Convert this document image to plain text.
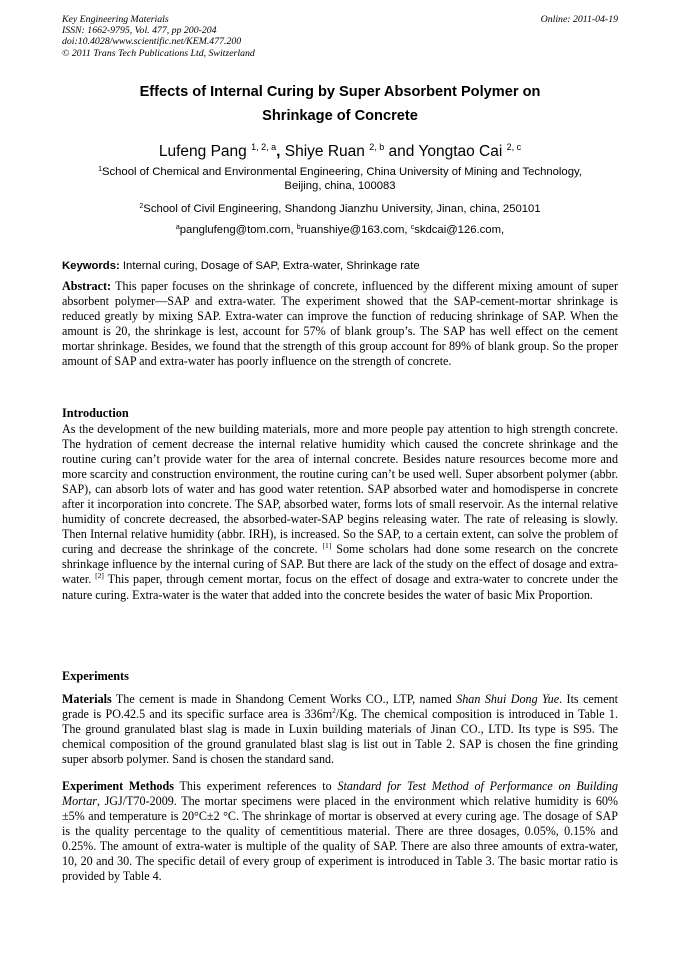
Key Engineering Materials
ISSN: 1662-9795, Vol. 477, pp 200-204
doi:10.4028/www.scientific.net/KEM.477.200
© 2011 Trans Tech Publications Ltd, Switzerland
Online: 2011-04-19
Effects of Internal Curing by Super Absorbent Polymer on
Shrinkage of Concrete
Lufeng Pang $^{1, 2, a}$, Shiye Ruan $^{2, b}$ and Yongtao Cai $^{2, c}$
$^1$School of Chemical and Environmental Engineering, China University of Mining and Technology,
Beijing, china, 100083
$^2$School of Civil Engineering, Shandong Jianzhu University, Jinan, china, 250101
$^a$panglufeng@tom.com, $^b$ruanshiye@163.com, $^c$skdcai@126.com,
Keywords: Internal curing, Dosage of SAP, Extra-water, Shrinkage rate
Abstract: This paper focuses on the shrinkage of concrete, influenced by the different mixing amount of super absorbent polymer—SAP and extra-water. The experiment showed that the SAP-cement-mortar shrinkage is reduced greatly by mixing SAP. Extra-water can improve the function of reducing shrinkage of SAP. When the amount is 20, the shrinkage is lest, account for 57% of blank group’s. The SAP has well effect on the cement mortar shrinkage. Besides, we found that the strength of this group account for 89% of blank group. So the proper amount of SAP and extra-water has poorly influence on the strength of concrete.
Introduction
As the development of the new building materials, more and more people pay attention to high strength concrete. The hydration of cement decrease the internal relative humidity which caused the concrete shrinkage and the routine curing can’t provide water for the area of internal concrete. Besides nature resources become more and more scarcity and construction environment, the routine curing can’t be used well. Super absorbent polymer (abbr. SAP), can absorb lots of water and has good water retention. SAP absorbed water and homodisperse in concrete after it incorporation into concrete. The SAP, absorbed water, forms lots of small reservoir. As the internal relative humidity of concrete decreased, the absorbed-water-SAP begins releasing water. The rate of releasing is slowly. Then Internal relative humidity (abbr. IRH), is increased. So the SAP, to a certain extent, can solve the problem of curing and decrease the shrinkage of the concrete. [1] Some scholars had done some research on the concrete shrinkage influence by the internal curing of SAP. But there are lack of the study on the effect of dosage and extra-water. [2] This paper, through cement mortar, focus on the effect of dosage and extra-water to concrete under the nature curing. Extra-water is the water that added into the concrete besides the water of basic Mix Proportion.
Experiments
Materials The cement is made in Shandong Cement Works CO., LTP, named Shan Shui Dong Yue. Its cement grade is PO.42.5 and its specific surface area is $336m^2/Kg$. The chemical composition is introduced in Table 1. The ground granulated blast slag is made in Luxin building materials of Jinan CO., LTD. Its type is S95. The chemical composition of the ground granulated blast slag is list out in Table 2. SAP is chosen the fine grinding super absorb polymer. Sand is chosen the standard sand.
Experiment Methods This experiment references to Standard for Test Method of Performance on Building Mortar, JGJ/T70-2009. The mortar specimens were placed in the environment which relative humidity is 60%±5% and temperature is 20°C±2 °C. The shrinkage of mortar is observed at every curing age. The dosage of SAP is the quality percentage to the quality of cementitious material. There are three dosages, 0.05%, 0.15% and 0.25%. The amount of extra-water is multiple of the quality of SAP. There are also three amounts of extra-water, 10, 20 and 30. The specific detail of every group of experiment is introduced in Table 3. The basic mortar ratio is provided by Table 4.
